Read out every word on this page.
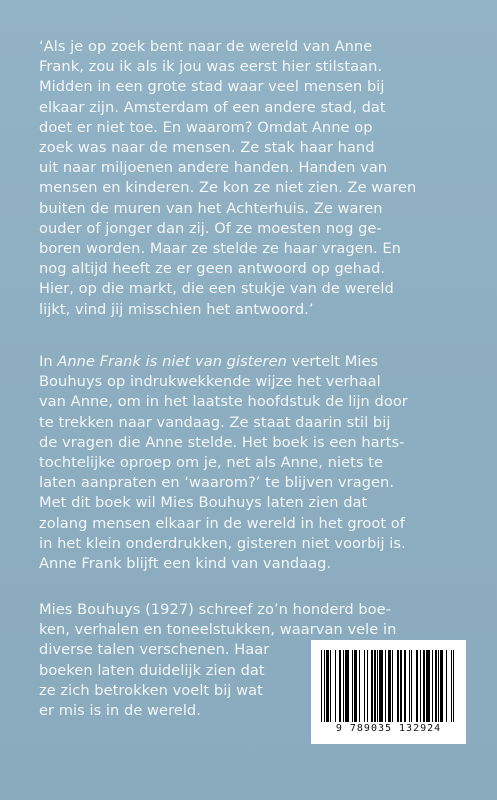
‘Als je op zoek bent naar de wereld van Anne
Frank, zou ik als ik jou was eerst hier stilstaan.
Midden in een grote stad waar veel mensen bij
elkaar zijn. Amsterdam of een andere stad, dat
doet er niet toe. En waarom? Omdat Anne op
zoek was naar de mensen. Ze stak haar hand
uit naar miljoenen andere handen. Handen van
mensen en kinderen. Ze kon ze niet zien. Ze waren
buiten de muren van het Achterhuis. Ze waren
ouder of jonger dan zij. Of ze moesten nog ge-
boren worden. Maar ze stelde ze haar vragen. En
nog altijd heeft ze er geen antwoord op gehad.
Hier, op die markt, die een stukje van de wereld
lijkt, vind jij misschien het antwoord.’
In Anne Frank is niet van gisteren vertelt Mies
Bouhuys op indrukwekkende wijze het verhaal
van Anne, om in het laatste hoofdstuk de lijn door
te trekken naar vandaag. Ze staat daarin stil bij
de vragen die Anne stelde. Het boek is een harts-
tochtelijke oproep om je, net als Anne, niets te
laten aanpraten en ‘waarom?’ te blijven vragen.
Met dit boek wil Mies Bouhuys laten zien dat
zolang mensen elkaar in de wereld in het groot of
in het klein onderdrukken, gisteren niet voorbij is.
Anne Frank blijft een kind van vandaag.
Mies Bouhuys (1927) schreef zo’n honderd boe-
ken, verhalen en toneelstukken, waarvan vele in
diverse talen verschenen. Haar
boeken laten duidelijk zien dat
ze zich betrokken voelt bij wat
er mis is in de wereld.
9 789035 132924
